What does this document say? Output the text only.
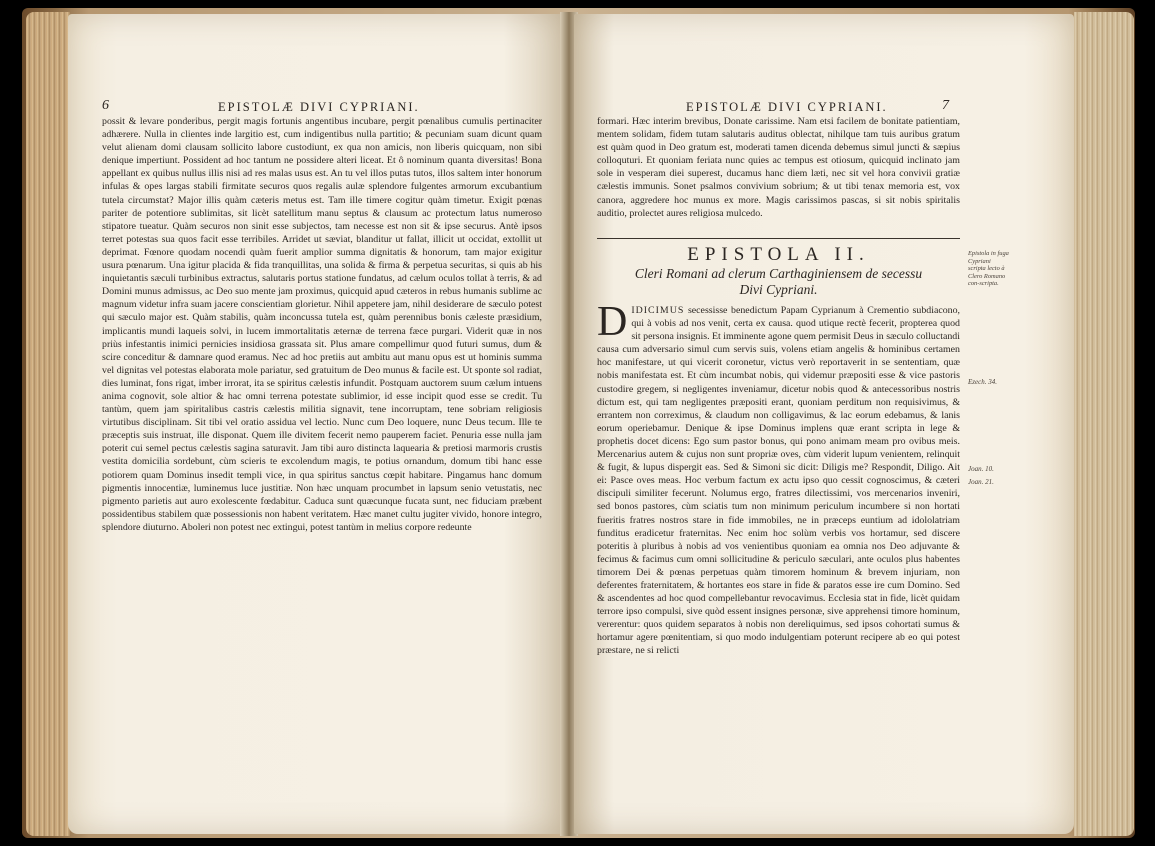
6	EPISTOLÆ DIVI CYPRIANI.

possit & levare ponderibus, pergit magis fortunis angentibus incubare, pergit pœnalibus cumulis pertinaciter adhærere. Nulla in clientes inde largitio est, cum indigentibus nulla partitio; & pecuniam suam dicunt quam velut alienam domi clausam sollicito labore custodiunt, ex qua non amicis, non liberis quicquam, non sibi denique impertiunt. Possident ad hoc tantum ne possidere alteri liceat. Et ô nominum quanta diversitas! Bona appellant ex quibus nullus illis nisi ad res malas usus est. An tu vel illos putas tutos, illos saltem inter honorum infulas & opes largas stabili firmitate securos quos regalis aulæ splendore fulgentes armorum excubantium tutela circumstat? Major illis quàm cæteris metus est. Tam ille timere cogitur quàm timetur. Exigit pœnas pariter de potentiore sublimitas, sit licèt satellitum manu septus & clausum ac protectum latus numeroso stipatore tueatur. Quàm securos non sinit esse subjectos, tam necesse est non sit & ipse securus. Antè ipsos terret potestas sua quos facit esse terribiles. Arridet ut sæviat, blanditur ut fallat, illicit ut occidat, extollit ut deprimat. Fœnore quodam nocendi quàm fuerit amplior summa dignitatis & honorum, tam major exigitur usura pœnarum. Una igitur placida & fida tranquillitas, una solida & firma & perpetua securitas, si quis ab his inquietantis sæculi turbinibus extractus, salutaris portus statione fundatus, ad cælum oculos tollat à terris, & ad Domini munus admissus, ac Deo suo mente jam proximus, quicquid apud cæteros in rebus humanis sublime ac magnum videtur infra suam jacere conscientiam glorietur. Nihil appetere jam, nihil desiderare de sæculo potest qui sæculo major est. Quàm stabilis, quàm inconcussa tutela est, quàm perennibus bonis cæleste præsidium, implicantis mundi laqueis solvi, in lucem immortalitatis æternæ de terrena fæce purgari. Viderit quæ in nos priùs infestantis inimici pernicies insidiosa grassata sit. Plus amare compellimur quod futuri sumus, dum & scire conceditur & damnare quod eramus. Nec ad hoc pretiis aut ambitu aut manu opus est ut hominis summa vel dignitas vel potestas elaborata mole pariatur, sed gratuitum de Deo munus & facile est. Ut sponte sol radiat, dies luminat, fons rigat, imber irrorat, ita se spiritus cælestis infundit. Postquam auctorem suum cælum intuens anima cognovit, sole altior & hac omni terrena potestate sublimior, id esse incipit quod esse se credit. Tu tantùm, quem jam spiritalibus castris cælestis militia signavit, tene incorruptam, tene sobriam religiosis virtutibus disciplinam. Sit tibi vel oratio assidua vel lectio. Nunc cum Deo loquere, nunc Deus tecum. Ille te præceptis suis instruat, ille disponat. Quem ille divitem fecerit nemo pauperem faciet. Penuria esse nulla jam poterit cui semel pectus cælestis sagina saturavit. Jam tibi auro distincta laquearia & pretiosi marmoris crustis vestita domicilia sordebunt, cùm scieris te excolendum magis, te potius ornandum, domum tibi hanc esse potiorem quam Dominus insedit templi vice, in qua spiritus sanctus cœpit habitare. Pingamus hanc domum pigmentis innocentiæ, luminemus luce justitiæ. Non hæc unquam procumbet in lapsum senio vetustatis, nec pigmento parietis aut auro exolescente fœdabitur. Caduca sunt quæcunque fucata sunt, nec fiduciam præbent possidentibus stabilem quæ possessionis non habent veritatem. Hæc manet cultu jugiter vivido, honore integro, splendore diuturno. Aboleri non potest nec extingui, potest tantùm in melius corpore redeunte

EPISTOLÆ DIVI CYPRIANI.	7

formari. Hæc interim brevibus, Donate carissime. Nam etsi facilem de bonitate patientiam, mentem solidam, fidem tutam salutaris auditus oblectat, nihilque tam tuis auribus gratum est quàm quod in Deo gratum est, moderati tamen dicenda debemus simul juncti & sæpius colloquturi. Et quoniam feriata nunc quies ac tempus est otiosum, quicquid inclinato jam sole in vesperam diei superest, ducamus hanc diem læti, nec sit vel hora convivii gratiæ cælestis immunis. Sonet psalmos convivium sobrium; & ut tibi tenax memoria est, vox canora, aggredere hoc munus ex more. Magis carissimos pascas, si sit nobis spiritalis auditio, prolectet aures religiosa mulcedo.

EPISTOLA II.
Cleri Romani ad clerum Carthaginiensem de secessu
Divi Cypriani.
D IDICIMUS secessisse benedictum Papam Cyprianum à Crementio subdiacono, qui à vobis ad nos venit, certa ex causa. quod utique rectè fecerit, propterea quod sit persona insignis. Et imminente agone quem permisit Deus in sæculo colluctandi causa cum adversario simul cum servis suis, volens etiam angelis & hominibus certamen hoc manifestare, ut qui vicerit coronetur, victus verò reportaverit in se sententiam, quæ nobis manifestata est. Et cùm incumbat nobis, qui videmur præpositi esse & vice pastoris custodire gregem, si negligentes inveniamur, dicetur nobis quod & antecessoribus nostris dictum est, qui tam negligentes præpositi erant, quoniam perditum non requisivimus, & errantem non correximus, & claudum non colligavimus, & lac eorum edebamus, & lanis eorum operiebamur. Denique & ipse Dominus implens quæ erant scripta in lege & prophetis docet dicens: Ego sum pastor bonus, qui pono animam meam pro ovibus meis. Mercenarius autem & cujus non sunt propriæ oves, cùm viderit lupum venientem, relinquit & fugit, & lupus dispergit eas. Sed & Simoni sic dicit: Diligis me? Respondit, Diligo. Ait ei: Pasce oves meas. Hoc verbum factum ex actu ipso quo cessit cognoscimus, & cæteri discipuli similiter fecerunt. Nolumus ergo, fratres dilectissimi, vos mercenarios inveniri, sed bonos pastores, cùm sciatis tum non minimum periculum incumbere si non hortati fueritis fratres nostros stare in fide immobiles, ne in præceps euntium ad idololatriam funditus eradicetur fraternitas. Nec enim hoc solùm verbis vos hortamur, sed discere poteritis à pluribus à nobis ad vos venientibus quoniam ea omnia nos Deo adjuvante & fecimus & facimus cum omni sollicitudine & periculo sæculari, ante oculos plus habentes timorem Dei & pœnas perpetuas quàm timorem hominum & brevem injuriam, non deferentes fraternitatem, & hortantes eos stare in fide & paratos esse ire cum Domino. Sed & ascendentes ad hoc quod compellebantur revocavimus. Ecclesia stat in fide, licèt quidam terrore ipso compulsi, sive quòd essent insignes personæ, sive apprehensi timore hominum, vererentur: quos quidem separatos à nobis non dereliquimus, sed ipsos cohortati sumus & hortamur agere pœnitentiam, si quo modo indulgentiam poterunt recipere ab eo qui potest præstare, ne si relicti
Epistola in fuga Cypriani scripta lecto à Clero Romano con-scripta.
Ezech. 34.
Joan. 10.
Joan. 21.
